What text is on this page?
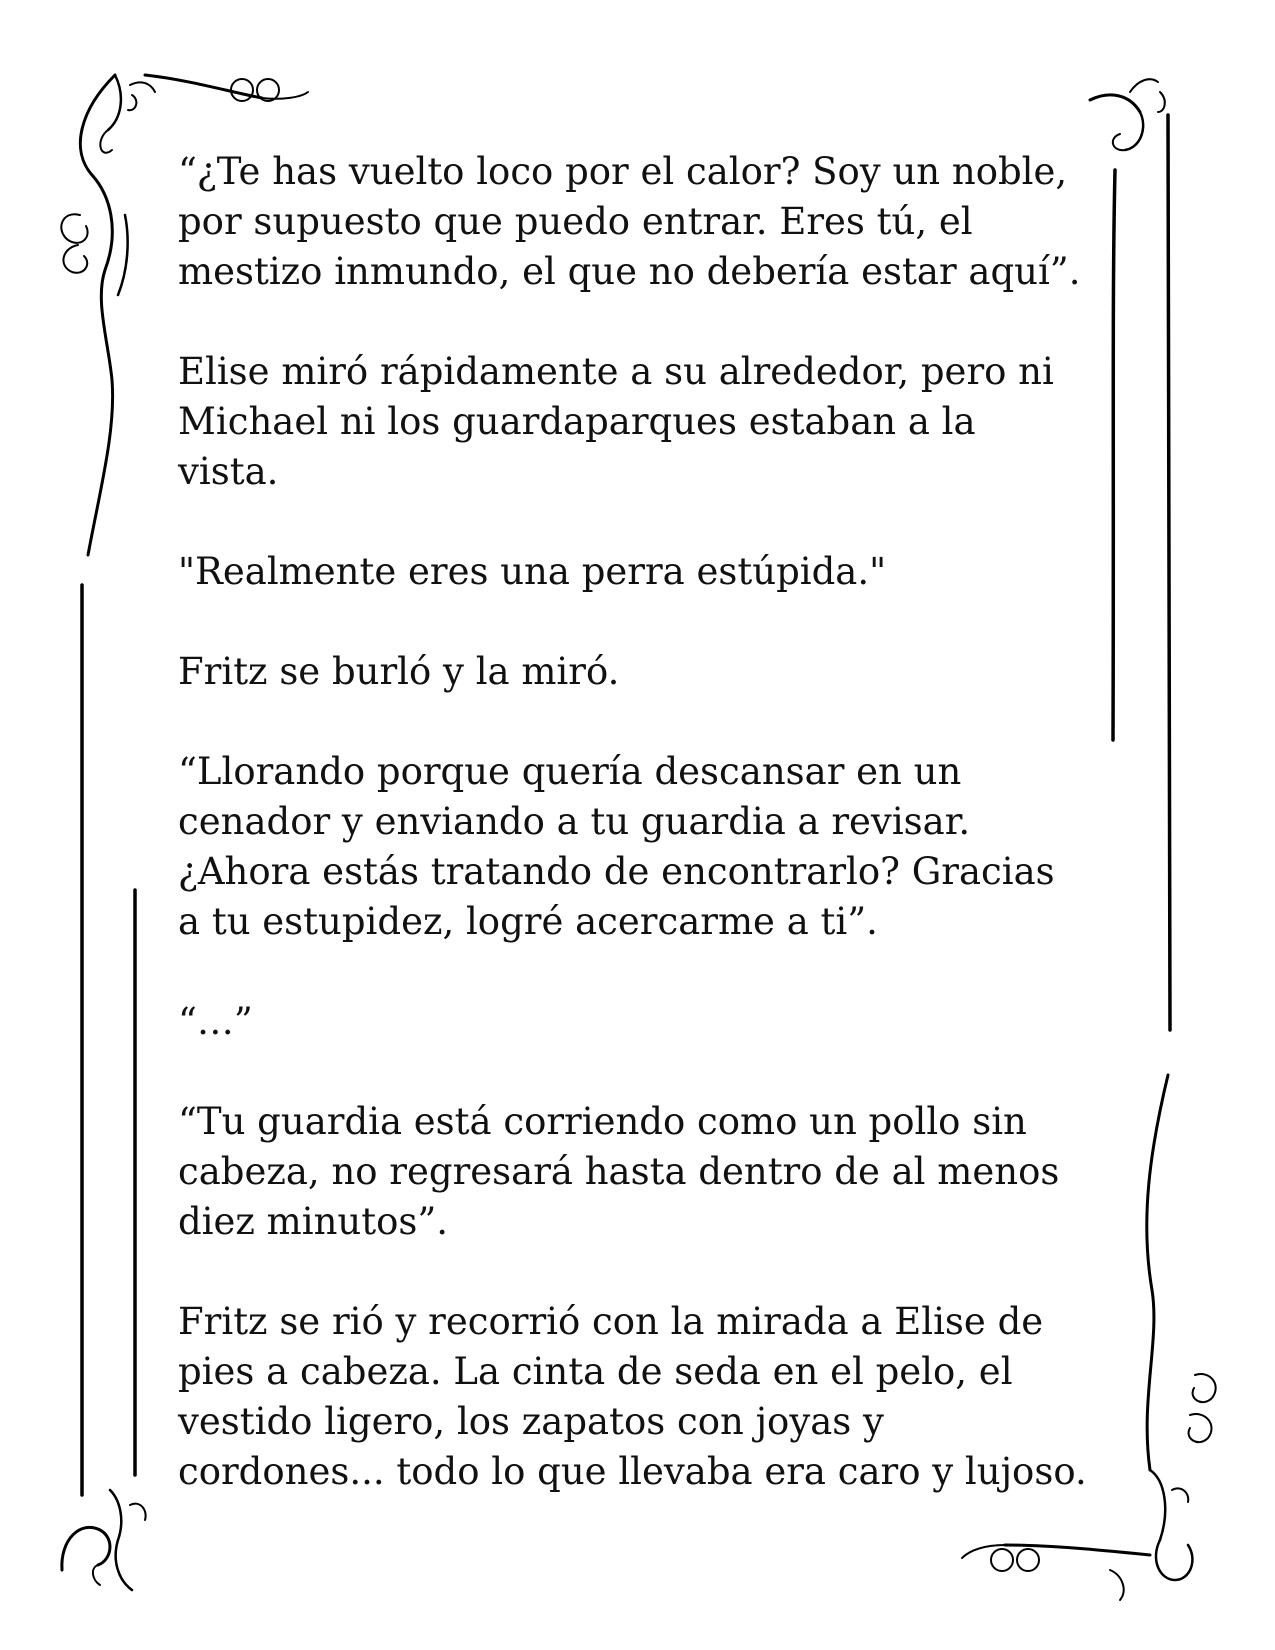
“¿Te has vuelto loco por el calor? Soy un noble,
por supuesto que puedo entrar. Eres tú, el
mestizo inmundo, el que no debería estar aquí”.

Elise miró rápidamente a su alrededor, pero ni
Michael ni los guardaparques estaban a la
vista.

"Realmente eres una perra estúpida."

Fritz se burló y la miró.

“Llorando porque quería descansar en un
cenador y enviando a tu guardia a revisar.
¿Ahora estás tratando de encontrarlo? Gracias
a tu estupidez, logré acercarme a ti”.

“…”

“Tu guardia está corriendo como un pollo sin
cabeza, no regresará hasta dentro de al menos
diez minutos”.

Fritz se rió y recorrió con la mirada a Elise de
pies a cabeza. La cinta de seda en el pelo, el
vestido ligero, los zapatos con joyas y
cordones... todo lo que llevaba era caro y lujoso.
